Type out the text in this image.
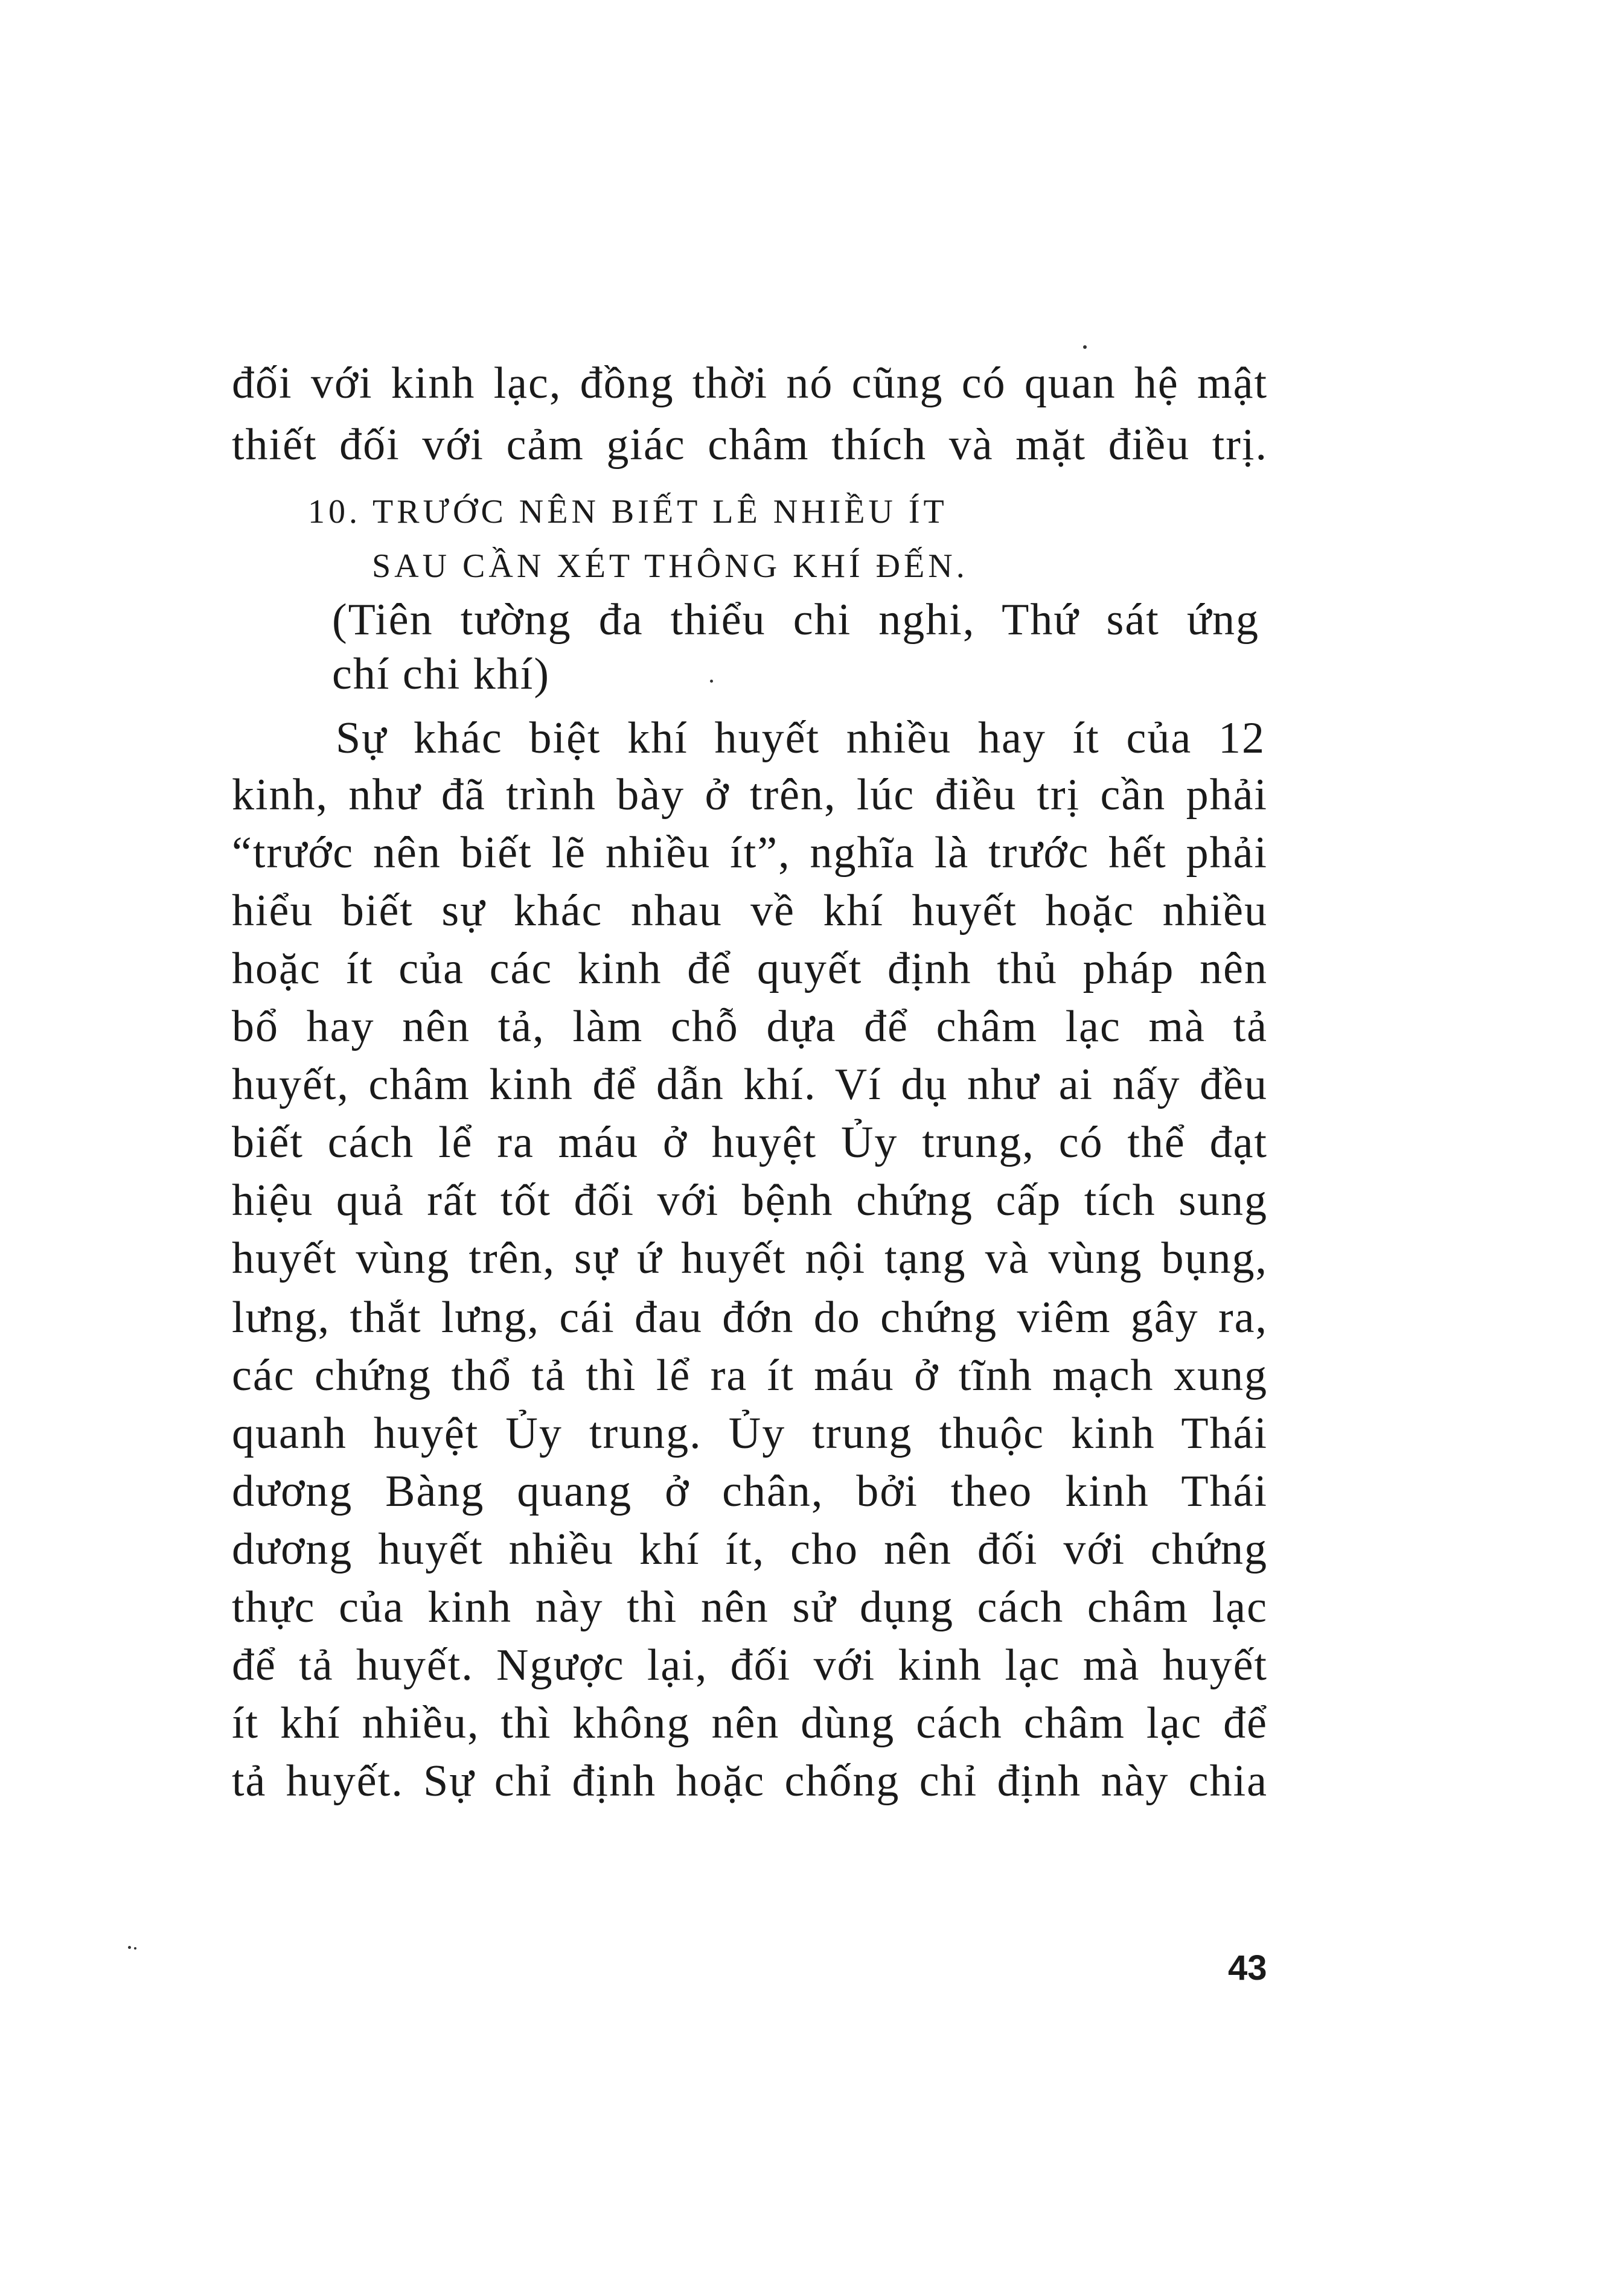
đối với kinh lạc, đồng thời nó cũng có quan hệ mật
thiết đối với cảm giác châm thích và mặt điều trị.
10. TRƯỚC NÊN BIẾT LÊ NHIỀU ÍT
SAU CẦN XÉT THÔNG KHÍ ĐẾN.
(Tiên tường đa thiểu chi nghi, Thứ sát ứng
chí chi khí)
Sự khác biệt khí huyết nhiều hay ít của 12
kinh, như đã trình bày ở trên, lúc điều trị cần phải
“trước nên biết lẽ nhiều ít”, nghĩa là trước hết phải
hiểu biết sự khác nhau về khí huyết hoặc nhiều
hoặc ít của các kinh để quyết định thủ pháp nên
bổ hay nên tả, làm chỗ dựa để châm lạc mà tả
huyết, châm kinh để dẫn khí. Ví dụ như ai nấy đều
biết cách lể ra máu ở huyệt Ủy trung, có thể đạt
hiệu quả rất tốt đối với bệnh chứng cấp tích sung
huyết vùng trên, sự ứ huyết nội tạng và vùng bụng,
lưng, thắt lưng, cái đau đớn do chứng viêm gây ra,
các chứng thổ tả thì lể ra ít máu ở tĩnh mạch xung
quanh huyệt Ủy trung. Ủy trung thuộc kinh Thái
dương Bàng quang ở chân, bởi theo kinh Thái
dương huyết nhiều khí ít, cho nên đối với chứng
thực của kinh này thì nên sử dụng cách châm lạc
để tả huyết. Ngược lại, đối với kinh lạc mà huyết
ít khí nhiều, thì không nên dùng cách châm lạc để
tả huyết. Sự chỉ định hoặc chống chỉ định này chia
43
